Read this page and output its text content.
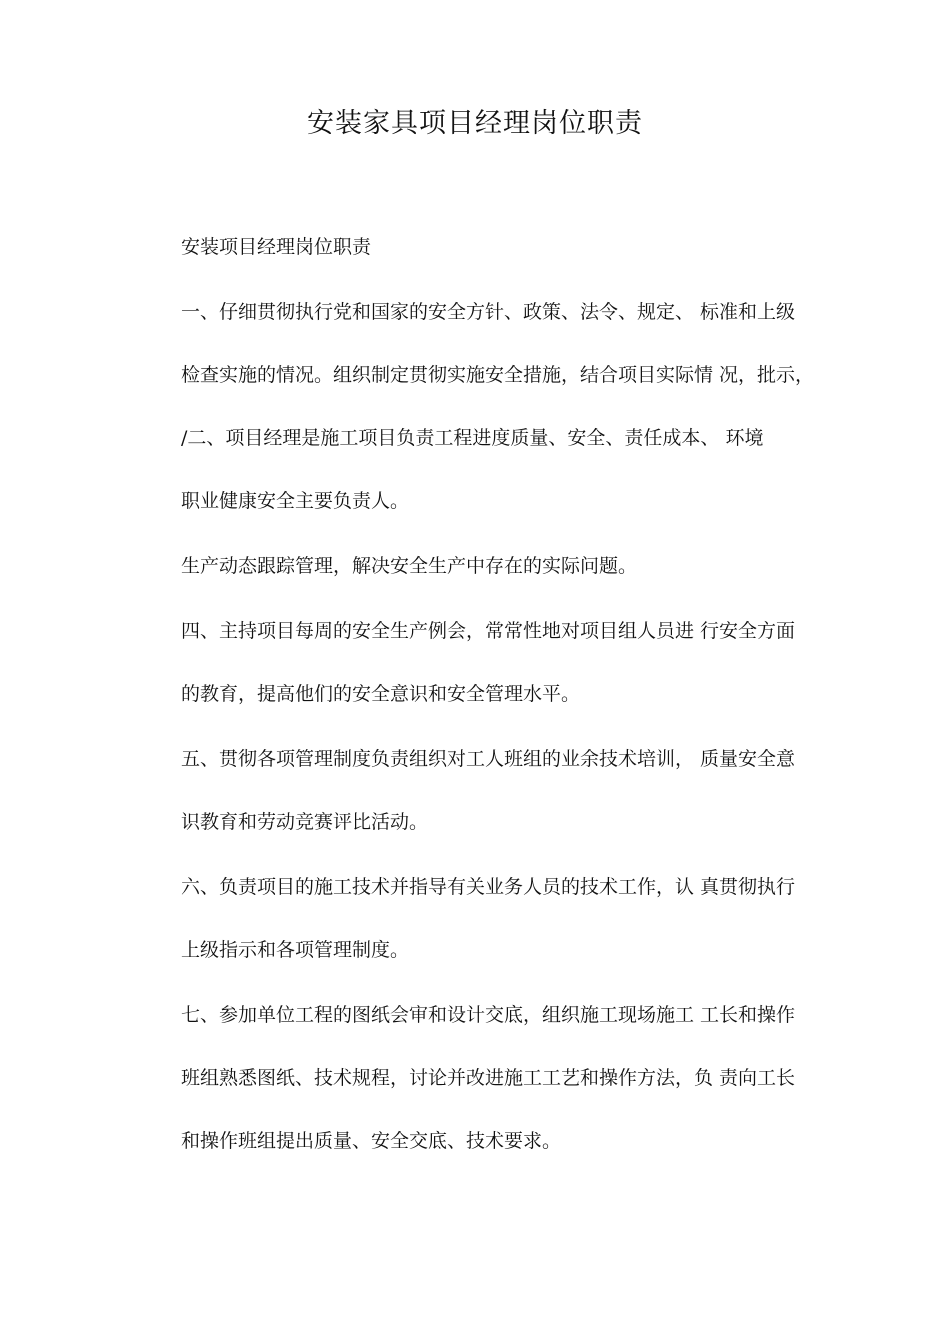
安装家具项目经理岗位职责

安装项目经理岗位职责

一、仔细贯彻执行党和国家的安全方针、政策、法令、规定、 标准和上级

检查实施的情况。组织制定贯彻实施安全措施，结合项目实际情 况，批示，

/二、项目经理是施工项目负责工程进度质量、安全、责任成本、 环境

职业健康安全主要负责人。

生产动态跟踪管理，解决安全生产中存在的实际问题。

四、主持项目每周的安全生产例会，常常性地对项目组人员进 行安全方面

的教育，提高他们的安全意识和安全管理水平。

五、贯彻各项管理制度负责组织对工人班组的业余技术培训， 质量安全意

识教育和劳动竞赛评比活动。

六、负责项目的施工技术并指导有关业务人员的技术工作，认 真贯彻执行

上级指示和各项管理制度。

七、参加单位工程的图纸会审和设计交底，组织施工现场施工 工长和操作

班组熟悉图纸、技术规程，讨论并改进施工工艺和操作方法，负 责向工长

和操作班组提出质量、安全交底、技术要求。
